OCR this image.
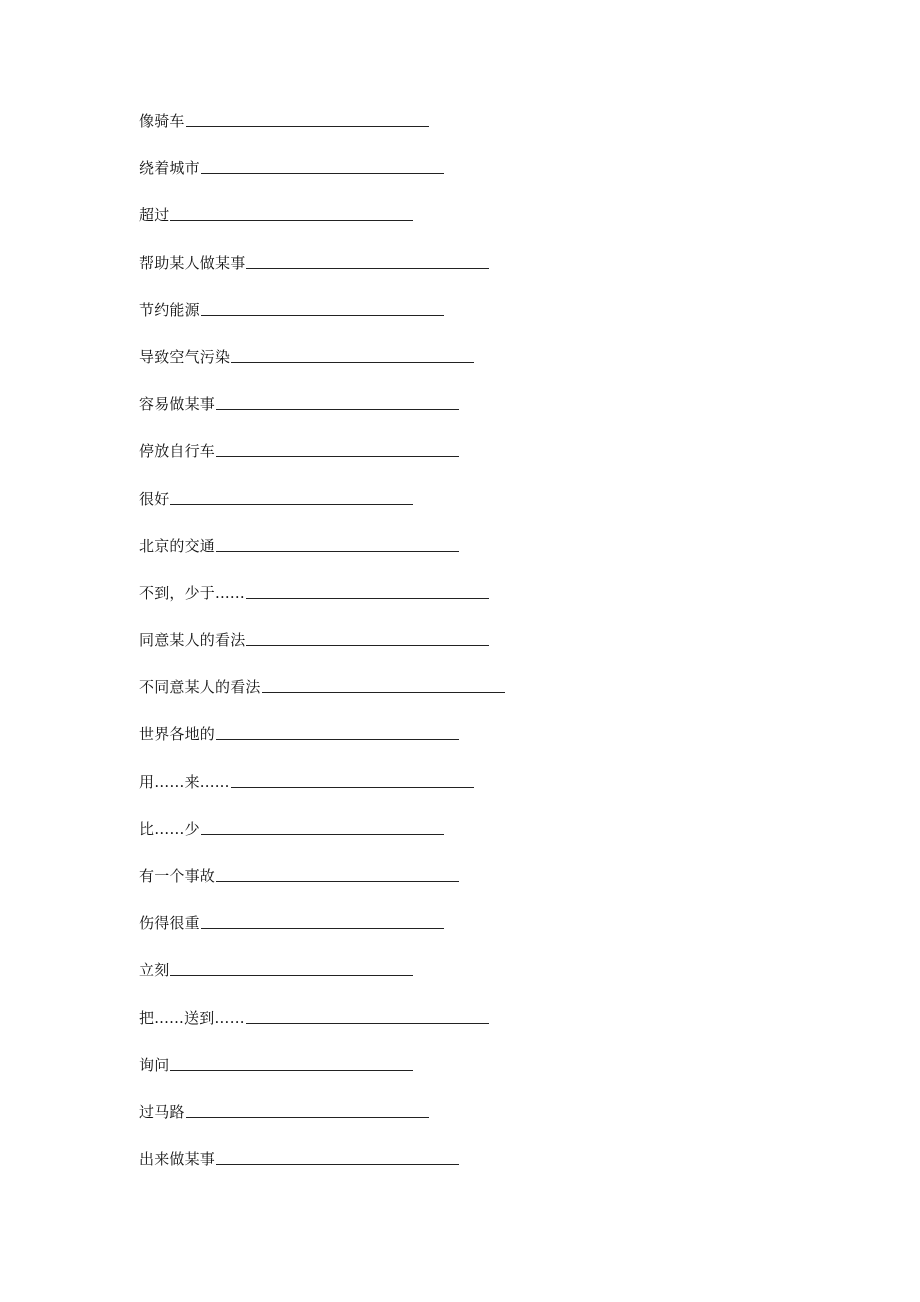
像骑车
绕着城市
超过
帮助某人做某事
节约能源
导致空气污染
容易做某事
停放自行车
很好
北京的交通
不到，少于......
同意某人的看法
不同意某人的看法
世界各地的
用……来......
比……少
有一个事故
伤得很重
立刻
把......送到……
询问
过马路
出来做某事
